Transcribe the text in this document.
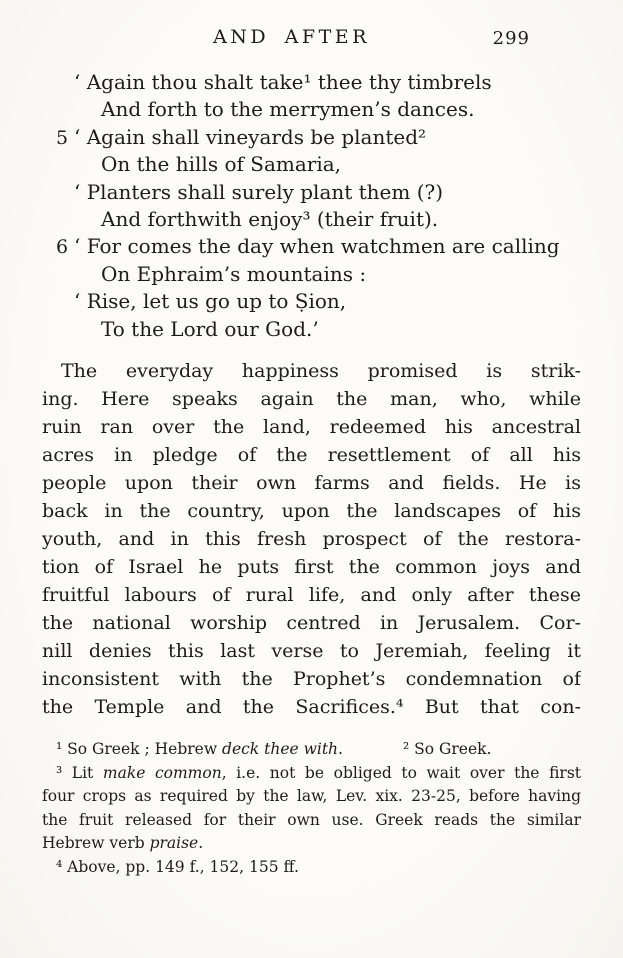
AND AFTER	299
‘ Again thou shalt take¹ thee thy timbrels
And forth to the merrymen’s dances.
5 ‘ Again shall vineyards be planted²
On the hills of Samaria,
‘ Planters shall surely plant them (?)
And forthwith enjoy³ (their fruit).
6 ‘ For comes the day when watchmen are calling
On Ephraim’s mountains :
‘ Rise, let us go up to Ṣion,
To the Lord our God.’
The everyday happiness promised is strik-
ing. Here speaks again the man, who, while
ruin ran over the land, redeemed his ancestral
acres in pledge of the resettlement of all his
people upon their own farms and fields. He is
back in the country, upon the landscapes of his
youth, and in this fresh prospect of the restora-
tion of Israel he puts first the common joys and
fruitful labours of rural life, and only after these
the national worship centred in Jerusalem. Cor-
nill denies this last verse to Jeremiah, feeling it
inconsistent with the Prophet’s condemnation of
the Temple and the Sacrifices.⁴ But that con-
¹ So Greek ; Hebrew deck thee with.	² So Greek.
³ Lit make common, i.e. not be obliged to wait over the first
four crops as required by the law, Lev. xix. 23-25, before having
the fruit released for their own use. Greek reads the similar
Hebrew verb praise.
⁴ Above, pp. 149 f., 152, 155 ff.
